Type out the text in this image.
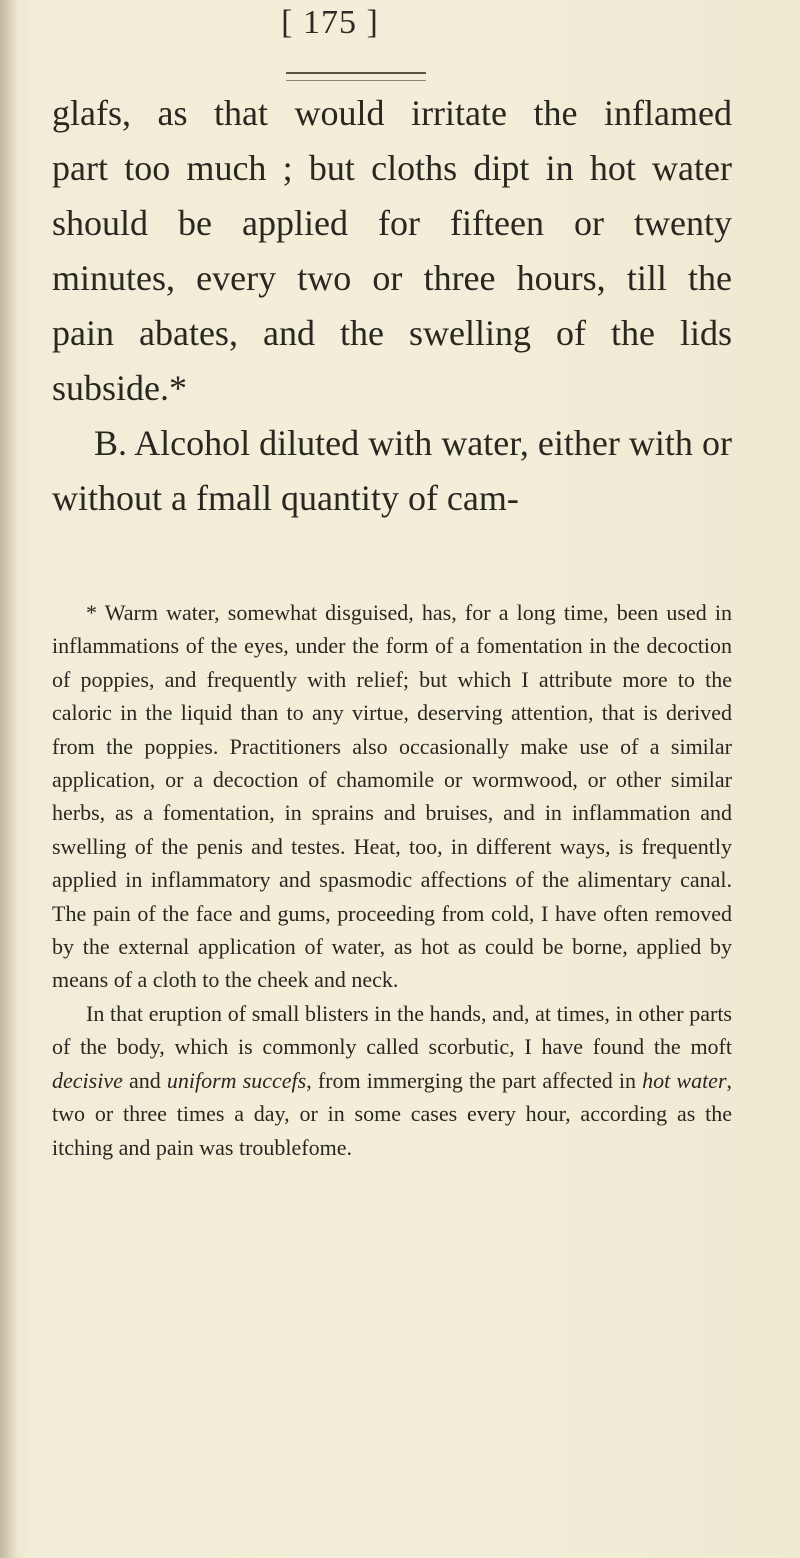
[ 175 ]

glafs, as that would irritate the inflamed

part too much ; but cloths dipt in hot water

should be applied for fifteen or twenty

minutes, every two or three hours, till the

pain abates, and the swelling of the lids

subside.*

B. Alcohol diluted with water, either with or without a fmall quantity of cam-

* Warm water, somewhat disguised, has, for a long time, been used in inflammations of the eyes, under the form of a fomentation in the decoction of poppies, and frequently with relief; but which I attribute more to the caloric in the liquid than to any virtue, deserving attention, that is derived from the poppies. Practitioners also occasionally make use of a similar application, or a decoction of chamomile or wormwood, or other similar herbs, as a fomentation, in sprains and bruises, and in inflammation and swelling of the penis and testes. Heat, too, in different ways, is frequently applied in inflammatory and spasmodic affections of the alimentary canal. The pain of the face and gums, proceeding from cold, I have often removed by the external application of water, as hot as could be borne, applied by means of a cloth to the cheek and neck.

In that eruption of small blisters in the hands, and, at times, in other parts of the body, which is commonly called scorbutic, I have found the moft decisive and uniform succefs, from immerging the part affected in hot water, two or three times a day, or in some cases every hour, according as the itching and pain was troublefome.
